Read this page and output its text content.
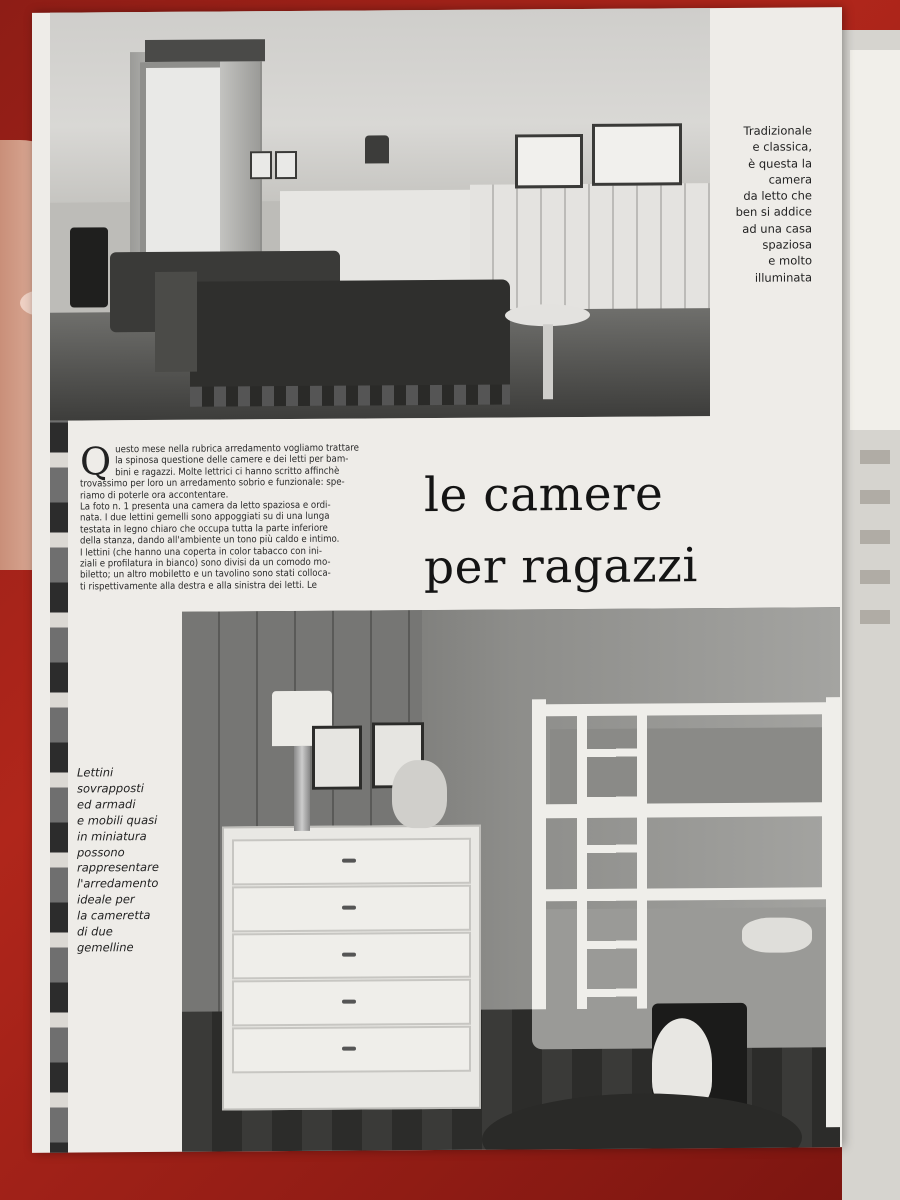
Tradizionale
e classica,
è questa la
camera
da letto che
ben si addice
ad una casa
spaziosa
e molto
illuminata
Q uesto mese nella rubrica arredamento vogliamo trattare
la spinosa questione delle camere e dei letti per bam-
bini e ragazzi. Molte lettrici ci hanno scritto affinchè
trovassimo per loro un arredamento sobrio e funzionale: spe-
riamo di poterle ora accontentare.
La foto n. 1 presenta una camera da letto spaziosa e ordi-
nata. I due lettini gemelli sono appoggiati su di una lunga
testata in legno chiaro che occupa tutta la parte inferiore
della stanza, dando all'ambiente un tono più caldo e intimo.
I lettini (che hanno una coperta in color tabacco con ini-
ziali e profilatura in bianco) sono divisi da un comodo mo-
biletto; un altro mobiletto e un tavolino sono stati colloca-
ti rispettivamente alla destra e alla sinistra dei letti. Le
le camere
per ragazzi
Lettini
sovrapposti
ed armadi
e mobili quasi
in miniatura
possono
rappresentare
l'arredamento
ideale per
la cameretta
di due
gemelline
